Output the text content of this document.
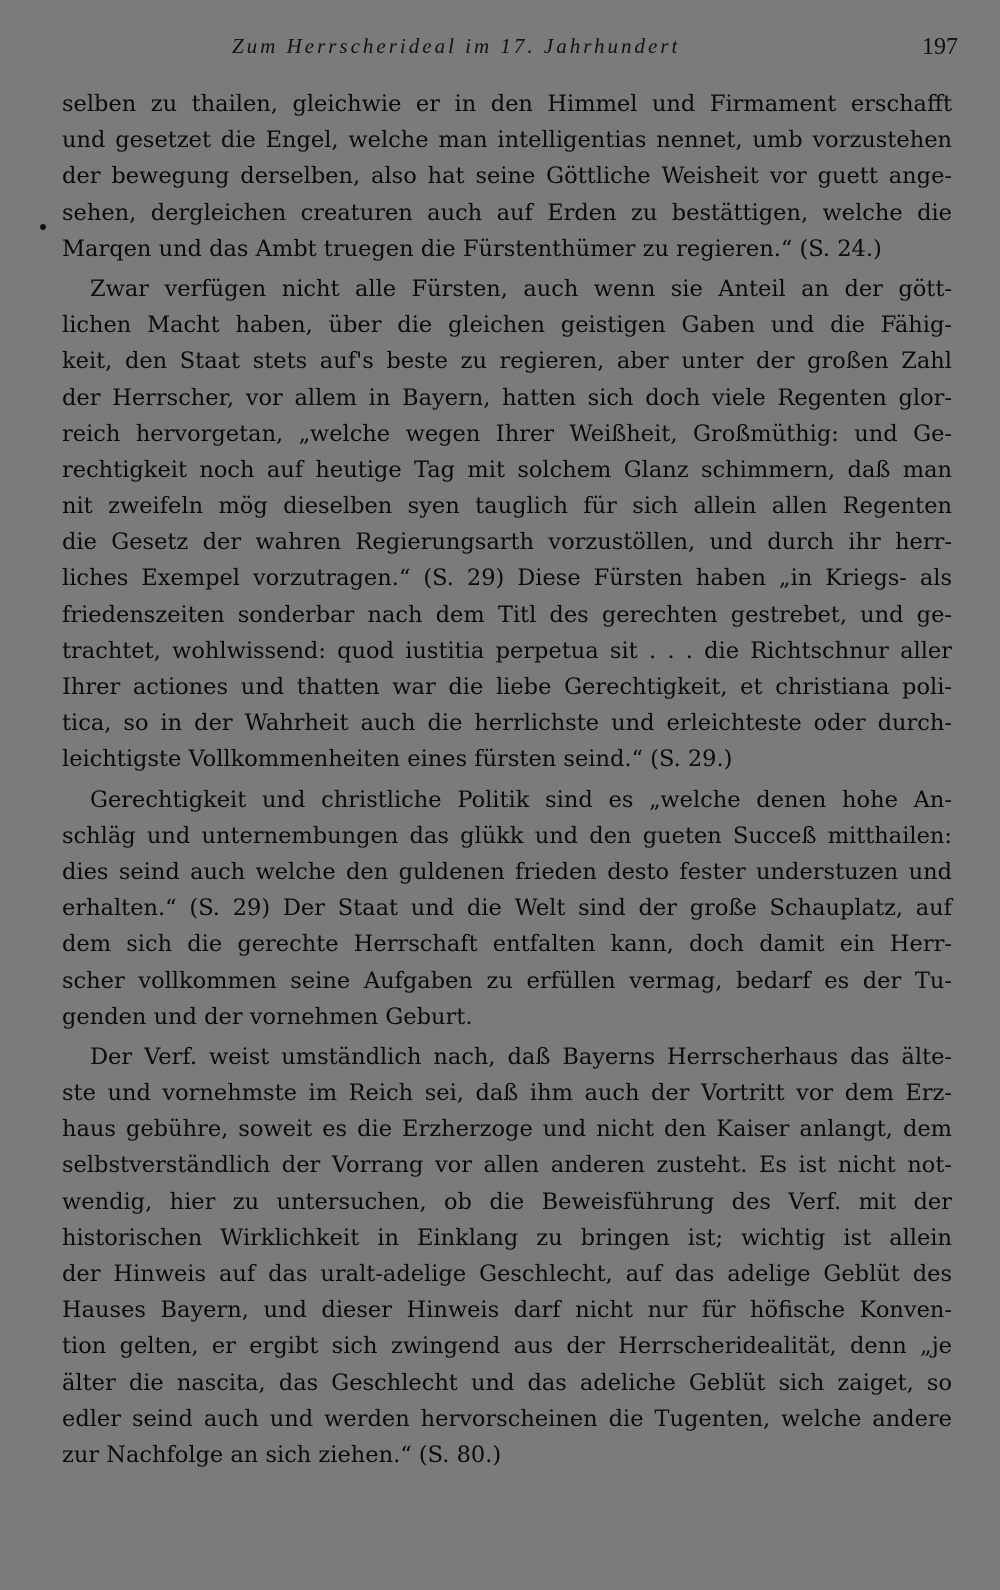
Zum Herrscherideal im 17. Jahrhundert	197
selben zu thailen, gleichwie er in den Himmel und Firmament erschafft
und gesetzet die Engel, welche man intelligentias nennet, umb vorzustehen
der bewegung derselben, also hat seine Göttliche Weisheit vor guett ange-
sehen, dergleichen creaturen auch auf Erden zu bestättigen, welche die
Marqen und das Ambt truegen die Fürstenthümer zu regieren.“ (S. 24.)
Zwar verfügen nicht alle Fürsten, auch wenn sie Anteil an der gött-
lichen Macht haben, über die gleichen geistigen Gaben und die Fähig-
keit, den Staat stets auf's beste zu regieren, aber unter der großen Zahl
der Herrscher, vor allem in Bayern, hatten sich doch viele Regenten glor-
reich hervorgetan, „welche wegen Ihrer Weißheit, Großmüthig: und Ge-
rechtigkeit noch auf heutige Tag mit solchem Glanz schimmern, daß man
nit zweifeln mög dieselben syen tauglich für sich allein allen Regenten
die Gesetz der wahren Regierungsarth vorzustöllen, und durch ihr herr-
liches Exempel vorzutragen.“ (S. 29) Diese Fürsten haben „in Kriegs- als
friedenszeiten sonderbar nach dem Titl des gerechten gestrebet, und ge-
trachtet, wohlwissend: quod iustitia perpetua sit . . . die Richtschnur aller
Ihrer actiones und thatten war die liebe Gerechtigkeit, et christiana poli-
tica, so in der Wahrheit auch die herrlichste und erleichteste oder durch-
leichtigste Vollkommenheiten eines fürsten seind.“ (S. 29.)
Gerechtigkeit und christliche Politik sind es „welche denen hohe An-
schläg und unternembungen das glükk und den gueten Succeß mitthailen:
dies seind auch welche den guldenen frieden desto fester understuzen und
erhalten.“ (S. 29) Der Staat und die Welt sind der große Schauplatz, auf
dem sich die gerechte Herrschaft entfalten kann, doch damit ein Herr-
scher vollkommen seine Aufgaben zu erfüllen vermag, bedarf es der Tu-
genden und der vornehmen Geburt.
Der Verf. weist umständlich nach, daß Bayerns Herrscherhaus das älte-
ste und vornehmste im Reich sei, daß ihm auch der Vortritt vor dem Erz-
haus gebühre, soweit es die Erzherzoge und nicht den Kaiser anlangt, dem
selbstverständlich der Vorrang vor allen anderen zusteht. Es ist nicht not-
wendig, hier zu untersuchen, ob die Beweisführung des Verf. mit der
historischen Wirklichkeit in Einklang zu bringen ist; wichtig ist allein
der Hinweis auf das uralt-adelige Geschlecht, auf das adelige Geblüt des
Hauses Bayern, und dieser Hinweis darf nicht nur für höfische Konven-
tion gelten, er ergibt sich zwingend aus der Herrscheridealität, denn „je
älter die nascita, das Geschlecht und das adeliche Geblüt sich zaiget, so
edler seind auch und werden hervorscheinen die Tugenten, welche andere
zur Nachfolge an sich ziehen.“ (S. 80.)
